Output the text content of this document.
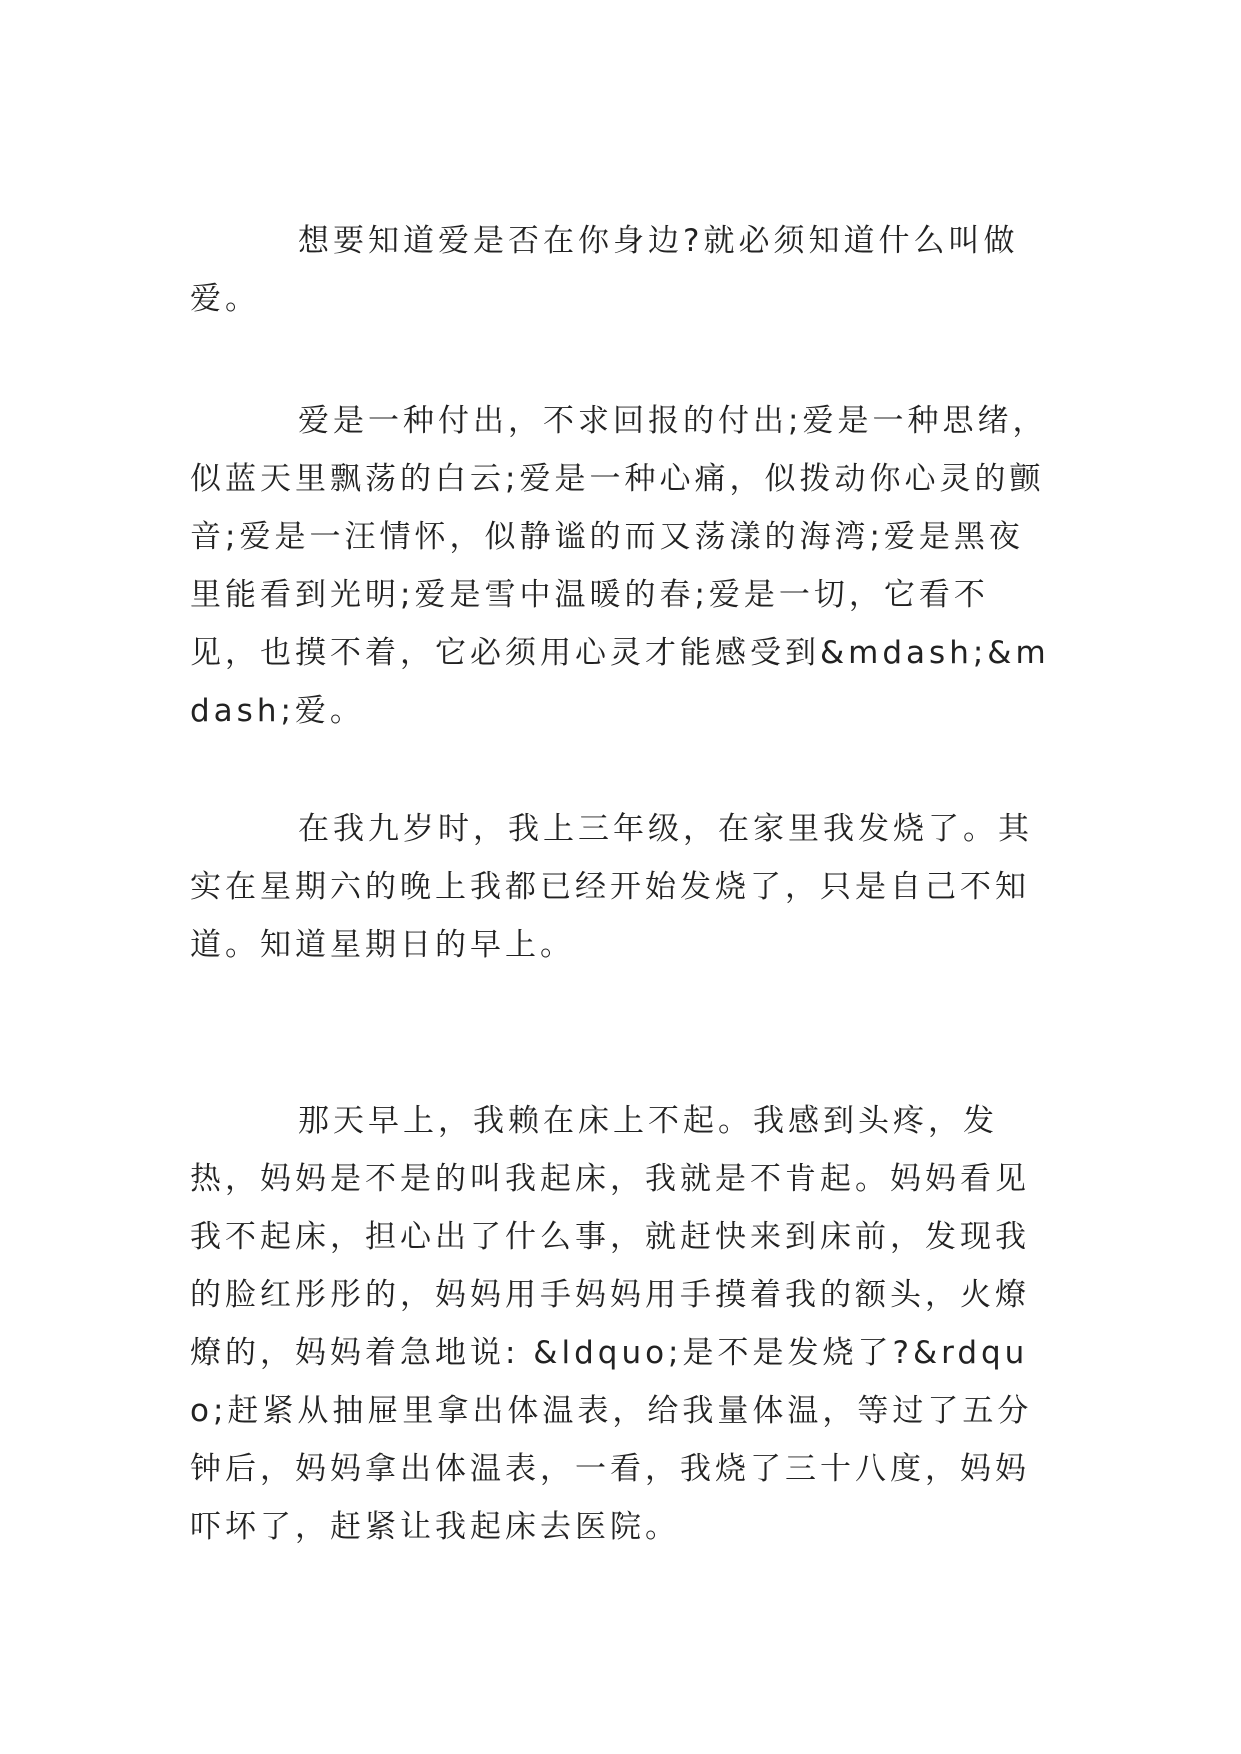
想要知道爱是否在你身边?就必须知道什么叫做爱。

爱是一种付出，不求回报的付出;爱是一种思绪，似蓝天里飘荡的白云;爱是一种心痛，似拨动你心灵的颤音;爱是一汪情怀，似静谧的而又荡漾的海湾;爱是黑夜里能看到光明;爱是雪中温暖的春;爱是一切，它看不见，也摸不着，它必须用心灵才能感受到&mdash;&mdash;爱。

在我九岁时，我上三年级，在家里我发烧了。其实在星期六的晚上我都已经开始发烧了，只是自己不知道。知道星期日的早上。

那天早上，我赖在床上不起。我感到头疼，发热，妈妈是不是的叫我起床，我就是不肯起。妈妈看见我不起床，担心出了什么事，就赶快来到床前，发现我的脸红彤彤的，妈妈用手妈妈用手摸着我的额头，火燎燎的，妈妈着急地说: &ldquo;是不是发烧了?&rdquo;赶紧从抽屉里拿出体温表，给我量体温，等过了五分钟后，妈妈拿出体温表，一看，我烧了三十八度，妈妈吓坏了，赶紧让我起床去医院。
